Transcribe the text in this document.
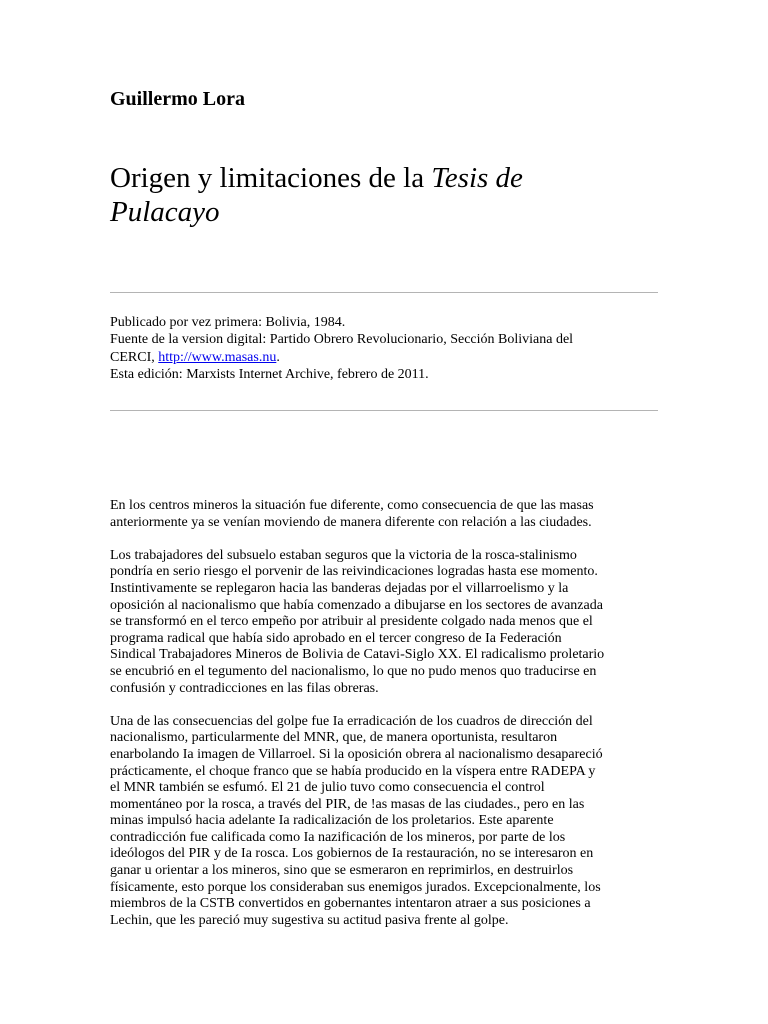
Guillermo Lora
Origen y limitaciones de la Tesis de
Pulacayo
Publicado por vez primera: Bolivia, 1984.
Fuente de la version digital: Partido Obrero Revolucionario, Sección Boliviana del
CERCI, http://www.masas.nu.
Esta edición: Marxists Internet Archive, febrero de 2011.

En los centros mineros la situación fue diferente, como consecuencia de que las masas
anteriormente ya se venían moviendo de manera diferente con relación a las ciudades.

Los trabajadores del subsuelo estaban seguros que la victoria de la rosca-stalinismo
pondría en serio riesgo el porvenir de las reivindicaciones logradas hasta ese momento.
Instintivamente se replegaron hacia las banderas dejadas por el villarroelismo y la
oposición al nacionalismo que había comenzado a dibujarse en los sectores de avanzada
se transformó en el terco empeño por atribuir al presidente colgado nada menos que el
programa radical que había sido aprobado en el tercer congreso de Ia Federación
Sindical Trabajadores Mineros de Bolivia de Catavi-Siglo XX. El radicalismo proletario
se encubrió en el tegumento del nacionalismo, lo que no pudo menos quo traducirse en
confusión y contradicciones en las filas obreras.

Una de las consecuencias del golpe fue Ia erradicación de los cuadros de dirección del
nacionalismo, particularmente del MNR, que, de manera oportunista, resultaron
enarbolando Ia imagen de Villarroel. Si la oposición obrera al nacionalismo desapareció
prácticamente, el choque franco que se había producido en la víspera entre RADEPA y
el MNR también se esfumó. El 21 de julio tuvo como consecuencia el control
momentáneo por la rosca, a través del PIR, de !as masas de las ciudades., pero en las
minas impulsó hacia adelante Ia radicalización de los proletarios. Este aparente
contradicción fue calificada como Ia nazificación de los mineros, por parte de los
ideólogos del PIR y de Ia rosca. Los gobiernos de Ia restauración, no se interesaron en
ganar u orientar a los mineros, sino que se esmeraron en reprimirlos, en destruirlos
físicamente, esto porque los consideraban sus enemigos jurados. Excepcionalmente, los
miembros de la CSTB convertidos en gobernantes intentaron atraer a sus posiciones a
Lechin, que les pareció muy sugestiva su actitud pasiva frente al golpe.
